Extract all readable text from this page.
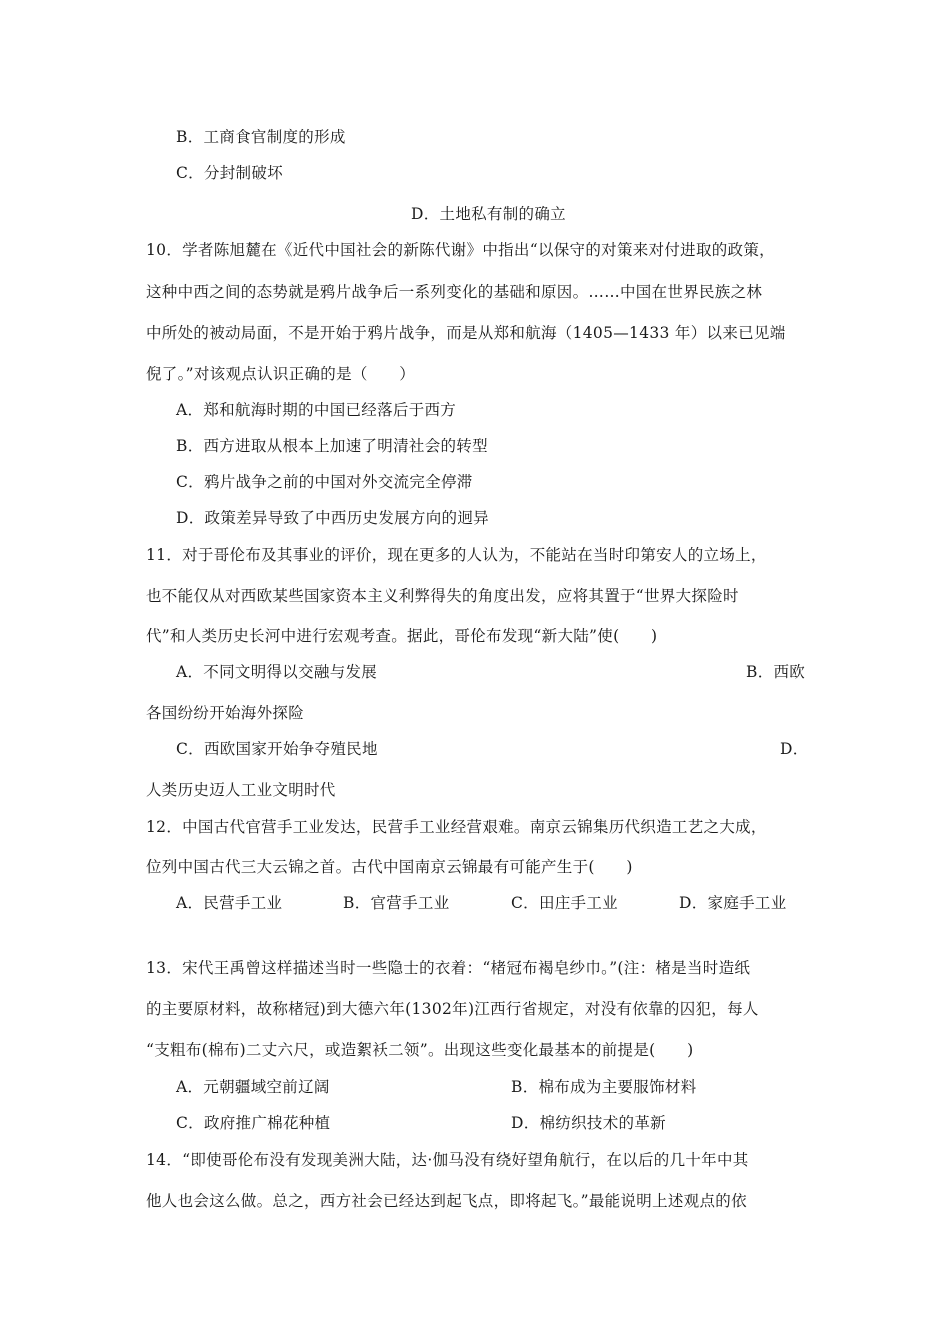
B．工商食官制度的形成
C．分封制破坏
D．土地私有制的确立
10．学者陈旭麓在《近代中国社会的新陈代谢》中指出“以保守的对策来对付进取的政策，
这种中西之间的态势就是鸦片战争后一系列变化的基础和原因。……中国在世界民族之林
中所处的被动局面，不是开始于鸦片战争，而是从郑和航海（1405—1433 年）以来已见端
倪了。”对该观点认识正确的是（　　）
A．郑和航海时期的中国已经落后于西方
B．西方进取从根本上加速了明清社会的转型
C．鸦片战争之前的中国对外交流完全停滞
D．政策差异导致了中西历史发展方向的迥异
11．对于哥伦布及其事业的评价，现在更多的人认为，不能站在当时印第安人的立场上，
也不能仅从对西欧某些国家资本主义利弊得失的角度出发，应将其置于“世界大探险时
代”和人类历史长河中进行宏观考查。据此，哥伦布发现“新大陆”使(　　)
A．不同文明得以交融与发展	B．西欧
各国纷纷开始海外探险
C．西欧国家开始争夺殖民地	D．
人类历史迈人工业文明时代
12．中国古代官营手工业发达，民营手工业经营艰难。南京云锦集历代织造工艺之大成，
位列中国古代三大云锦之首。古代中国南京云锦最有可能产生于(　　)
A．民营手工业	B．官营手工业	C．田庄手工业	D．家庭手工业
13．宋代王禹曾这样描述当时一些隐士的衣着：“楮冠布褐皂纱巾。”(注：楮是当时造纸
的主要原材料，故称楮冠)到大德六年(1302年)江西行省规定，对没有依靠的囚犯，每人
“支粗布(棉布)二丈六尺，或造絮袄二领”。出现这些变化最基本的前提是(　　)
A．元朝疆域空前辽阔	B．棉布成为主要服饰材料
C．政府推广棉花种植	D．棉纺织技术的革新
14．“即使哥伦布没有发现美洲大陆，达·伽马没有绕好望角航行，在以后的几十年中其
他人也会这么做。总之，西方社会已经达到起飞点，即将起飞。”最能说明上述观点的依
